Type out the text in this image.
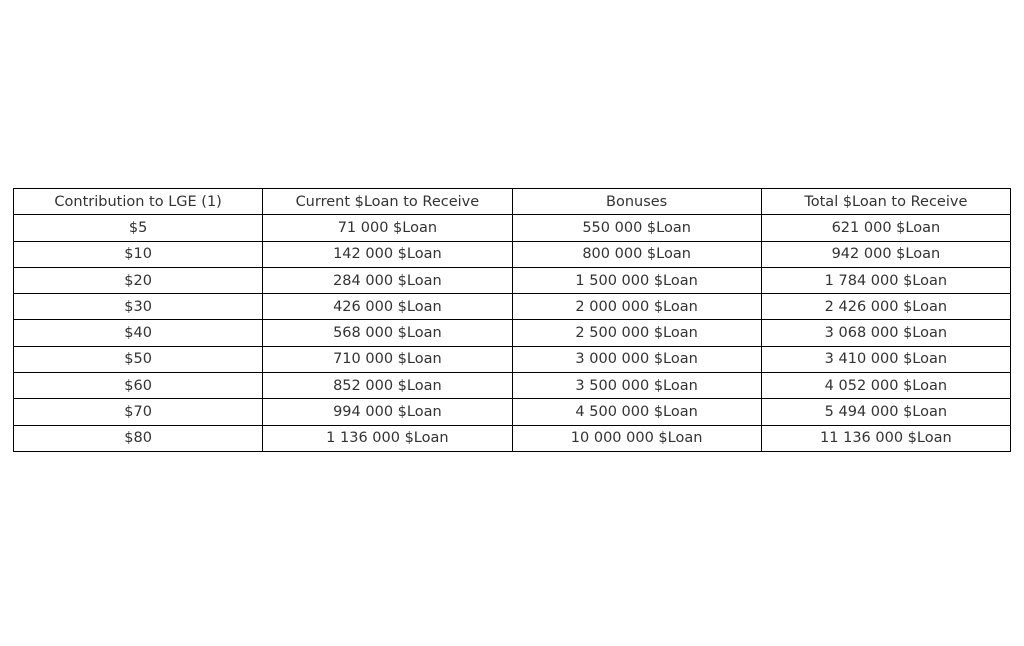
Contribution to LGE (1)	Current $Loan to Receive	Bonuses	Total $Loan to Receive
$5	71 000 $Loan	550 000 $Loan	621 000 $Loan
$10	142 000 $Loan	800 000 $Loan	942 000 $Loan
$20	284 000 $Loan	1 500 000 $Loan	1 784 000 $Loan
$30	426 000 $Loan	2 000 000 $Loan	2 426 000 $Loan
$40	568 000 $Loan	2 500 000 $Loan	3 068 000 $Loan
$50	710 000 $Loan	3 000 000 $Loan	3 410 000 $Loan
$60	852 000 $Loan	3 500 000 $Loan	4 052 000 $Loan
$70	994 000 $Loan	4 500 000 $Loan	5 494 000 $Loan
$80	1 136 000 $Loan	10 000 000 $Loan	11 136 000 $Loan
